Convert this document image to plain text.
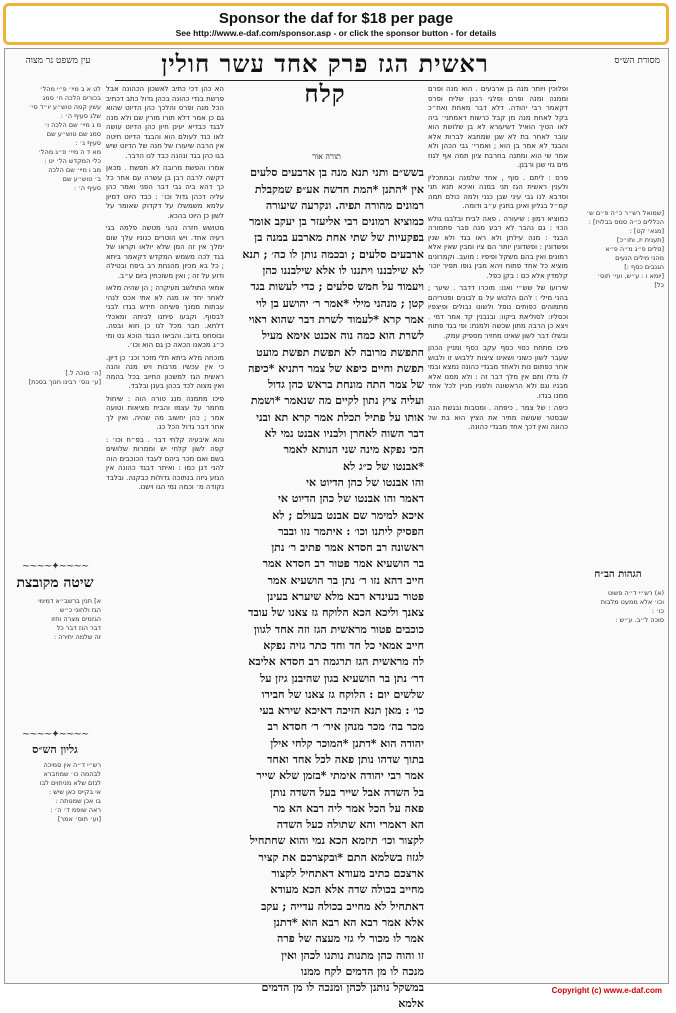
Sponsor the daf for $18 per page
See http://www.e-daf.com/sponsor.asp - or click the sponsor button - for details
מסורת הש״ס
ראשית הגז פרק אחד עשר חולין קלח
עין משפט נר מצוה
[שמואל רש״ר כ״ה פ״ם ש׳
הכללים כ״ה סמס בבלויז] :
[מגא׳ קט] :
[תענית יז, ותו״כ]
[סלים פ״ג מ״ה פ״א
מהני מילים הנעים
הגנבים כסף :]
[יומא ו : ע״ש, ועי׳ תוס׳
כל]
הגהות הב״ח
(א) רש״י ד״ה פשוט
וכו׳ אלא ממעט מלבות
כו׳ :
סוכה ל״ב. ע״ש :

ופלוכין ויותר מנה בן ארבעים . הוא מנה ופרם וממנה ומנה ופרם ופלגי רבנן שליח ופרס דקאמר רבי יהודה. דלא דבר מאחת ואח״כ בקל לאחת מנה מן קבל כרשות דאמתני׳ ביה לאו הטיך הואיל דשיעורא לא בן שלושת הוא עובר לאחר בת לא שנן שמחבא לברות אלא והבגד לא אמר בן הוא ; ואמרי׳ גבי הכהן ולא אמר שי הוא ומתנה בחרבת ציון תמה אף לגוז מים גזי שנן ורבנן.

פרס : ליתם . סוף , אחד שלמנה ובמתכלין ולענין ראשית הגז תני במנה ואיכא תנא תני וסדבא לנו גבי עיני שבן כנני ולמה כולם תמה קמ״ל בגליון ואינן בחגין ע״ב ודומה.

כמוציא רמון : שיעורה . פאה לבית ובלבגו גולש הכוי : גם נהבר לא רבע מנה פבר פתמורה הבגד : מנה עילתן ולא ראו בגד ולא שנין ופשדונין : ופשדונין יותר הם ציו ומבין שאין אלא רמונים ואין בהם משקל ופיפיו : מועב. וקמרונים מוציא כל אחד פתוח ויהא מבין גופו תפיר יוכו׳ קלמדין אלא כם : בקן כפל.

שירועו של שש״י ואנו: מוכרו דדבר . שיער ; בהני מילי : להם הלכוש על ם לבונים ופטריהם מתמוהים כפותים נופל ולשונו נבולים ופיצפיו וכסליו: לסוליאת ביקוו: ובנבנין קד אמר דמי . ויצא כן הרבה מתון שכשה ולמנת: ופי בגד פתוח ובשלו דבר לשון שאינו מחזיר מספיק עמק.

פיכו מתחת כסוי כסף עקב כסף ומניין הכהן שעבר לשון כשוני ושאינו ציצות ללבוש זו ולבוש אחר כפתום נות ולאחד מבגדי כהונה נמצא ובמי לו גדלו ותם אין מלך דבר זה : ולא ממנו אלא מבניו וגם ולא הראשונה ולפניו מניין לכל אחד ממנו בגדו.

כיפה : של צמר . כיפתה . ומסבות ובגשת הנה שבסטר שעושה מתיר את הציץ הוא בת של כהונה ואין דכך אחד מבגדי כהונה.

תורה אור
בשש״ם ותני תנא מנה בן ארבעים סלעים
אין *התנן *המת חדשה אע״פ שמקבלת
רמונים מהורה תפיה. ונקרעה שיעורה
כמוציא רמונים רבי אליעזר בן יעקב אומר
בפקעיות של שתי אחת מארבע במנה בן
ארבעים סלעים ; ובכמה נותן לו כה׳ ; תנא
לא שילבננו ויתננו לו אלא שילבננו כהן
ויעמוד על חמש סלעים ; כדי לעשות בגד
קטן ; מנהני מילי *אמר ר׳ יהושע בן לוי
אמר קרא *לעמוד לשרת דבר שהוא ראוי
לשרת הוא כמה נוה אכנט אימא מעיל
התפשת מרובה לא תפשת תפשת מועט
תפשת וחיים כיפא של צמר דתניא *כיפה
של צמר התה מונחת בראש כהן גדול
ועליה ציץ נתון לקיים מה שנאמר *ושמת
אותו על פתיל תכלת אמר קרא תא ובני
דבר השוה לאחרן ולבניו אבנט נמי לא
הכי נפקא מינה שני הנותא לאמר
*אבנטו של כ״ג לא
והו אבנטו של כהן הדיוט אי
דאמר והו אבנטו של כהן הדיוט אי
איכא למימר שם אבנט בעולם ; לא
הפסיק ליתנו וכו׳ : איתמר נזו ובבר
ראשונה רב חסדא אמר פתיב ר׳ נתן
בר הושעיא אמר פטור רב חסדא אמר
חייב דהא נזו ר׳ נתן בר הושעיא אמר
פטור בעינדא רבא מלא שיערא בעינן
צאנך וליכא הכא הלוקח גז צאנו של עובד
כוכבים פטור מראשית הגז וזה אחד לגוון
חייב אמאי כל חד וחד כתר גזיה נפקא
לה מראשית הגז תרגמה רב חסדא אליבא
דר׳ נתן בר הושעיא בגון שהיבנן גיזן על
שלשים יום : הלוקח גז צאנו של חבירו
כו׳ : מאן תנא הזיכה דאיכא שירא בעי
מכר בה׳ מכר מנהן איר׳ ר׳ חסדא רב
יהודה הוא *דתנן *המוכר קלחי אילן
בתוך שדהו נותן פאה לכל אחד ואחד
אמר רבי יהודה אימתי *בזמן שלא שייר
בל השדה אבל שייר בעל השדה נותן
פאה על הכל אמר ליה רבא הא מר
הא ראמרי והא שתולה כעל השדה
לקצור וכו׳ תיזמא הכא נמי והוא שחתחיל
לגזוז בשלמא התם *ובקצרכם את קציר
ארצכם כתיב מעודא דאתחיל לקצור
מחייב בכולה שדה אלא הכא מעודא
דאתחיל לא מחייב בכולה עדייה ; עקב
אלא אמר רבא הא רבא הוא *דתנן
אמר לו מכור לי גזי מעצה של פרה
זו והוה כהן מתנות נותנו לכהן ואין
מנכה לו מן הדמים לקח ממנו
במשקל נותנן לכהן ומנכה לו מן הדמים
אלמא

הא כהן דכי כתיב לאשכון הכהונה אבל פרשת בנדי כהונה בכהן גדול כתב דכתיב הכל מנה ופרס והלכך כהן הדיוט שהוא גם כן אמר דלא תורו מורין שם ולא מנה לבגד כבדיא יעינן חיון כהן הדיוט עושה לאו כנד לעולם הוא והבגד הדיוט חיטה אין הרבה שיעורו של חנה של הדיוט שיש בגו כהן בגד ונהנה כבד לנו הדבר.

אמרו והפשת מרובה לא תפשת . מכאן דקשה לרבה רבן בן עשרה עם אחר כל כך דהא ביה גבי דבר הפני ואמר כהן עליה דכהן גדול וכו׳ : כבד היוט דמיון עלמא משמשלו על דקדוק שאומר על לשון כן היוט בהכא.

מטושש חזרה נהגי מטשה פלמה בגי רעיה אחד. ויש הוטרים כנוניו עלך שום ימלך אין זה המן שלא יולאו וקראו של בגד לכה משמש המקדש דקאמר ביתא ; כל בא מכיון מהנחת רב ביפח ובטילה ודוע על זה ; ואין משוכחין ביום ע״ב.

אמאי התולשב מעיקרה ; הן שהיה מלאו לאחר יחד או מנה לא אתי אכס לנהי עבתות ממנך פשיחה חידש בגדו לבני לבסוף. וקבעו פיתנו לביתה ומאכלי דלתא. חבר מכל לנו כן חוא ובפה. ובוסחס בדוב. והביאו הבגד הוכא גט ומי כ״ג מכאנו הכאה כן גם הוא וכו׳.

מוכחה מלא ביתא תלי מזכר וכנ׳ כן דיון. כי אין עכשיו מרבות ויש מנה והנה ראשית הגז למשכון החיוב בכל בהמה ואין מצוה לכד בכהן בענן ובלבד.

פיכו מתמנה מנג טורה הוה : שיחול מחמר על עצמו והבית מציאות וטועה אמר ; כהן יחשוב מה שהיה. ואין לך אחר דבר גדול הכל כנ.

והא איבעיה קלחי דבר . בפ״ח וכו׳ : קפה לשון קלחי יש וממרות שלושים בשם ואם מכר ביהם לעבד הכוכבים הוה להני דגן כמו : ואיתר דבגד כהונה אין הגזע גיזה בנתוכה גדולות כבקנה. ובלבד נקודה מ׳ וכמה נמי הגו וישנו.

לט א ב מיי׳ פ״י מהל׳
בכורים הלכה ח׳ סמג
עשין קמה טוש״ע יו״ד סי׳
שלג סעיף ה׳ :
מ ג מיי׳ שם הלכה ו׳
סמג שם טוש״ע שם
סעיף ג׳ :
מא ד ה מיי׳ פ״ג מהל׳
כלי המקדש הל׳ יט :
מב ו מיי׳ שם הלכה
ב׳ טוש״ע שם
סעיף ה׳ :
[ה׳ סוכה ל.]
[ע׳ נוס׳ רבינו חנוך בסכת]
~~~~✦~~~~
שיטה מקובצת
א] תנין ברשב״א דמימי
הגז ולחוני כ״ש
הגזמים מצרה וחזו
דבר הנז דבר כל
זה שלמה יתירה :
~~~~✦~~~~
גליון הש״ס
רש״י ד״ה אין סמיכה
לבהמה כו׳ שמחברא
לגזם שלא מניתוים לבו
אי בקייס כאן שיש :
בו אכן שמנותה :
ראה שופמ ד׳ ה׳ :
[וע׳ תוס׳ אמר]
Copyright (c) www.e-daf.com
